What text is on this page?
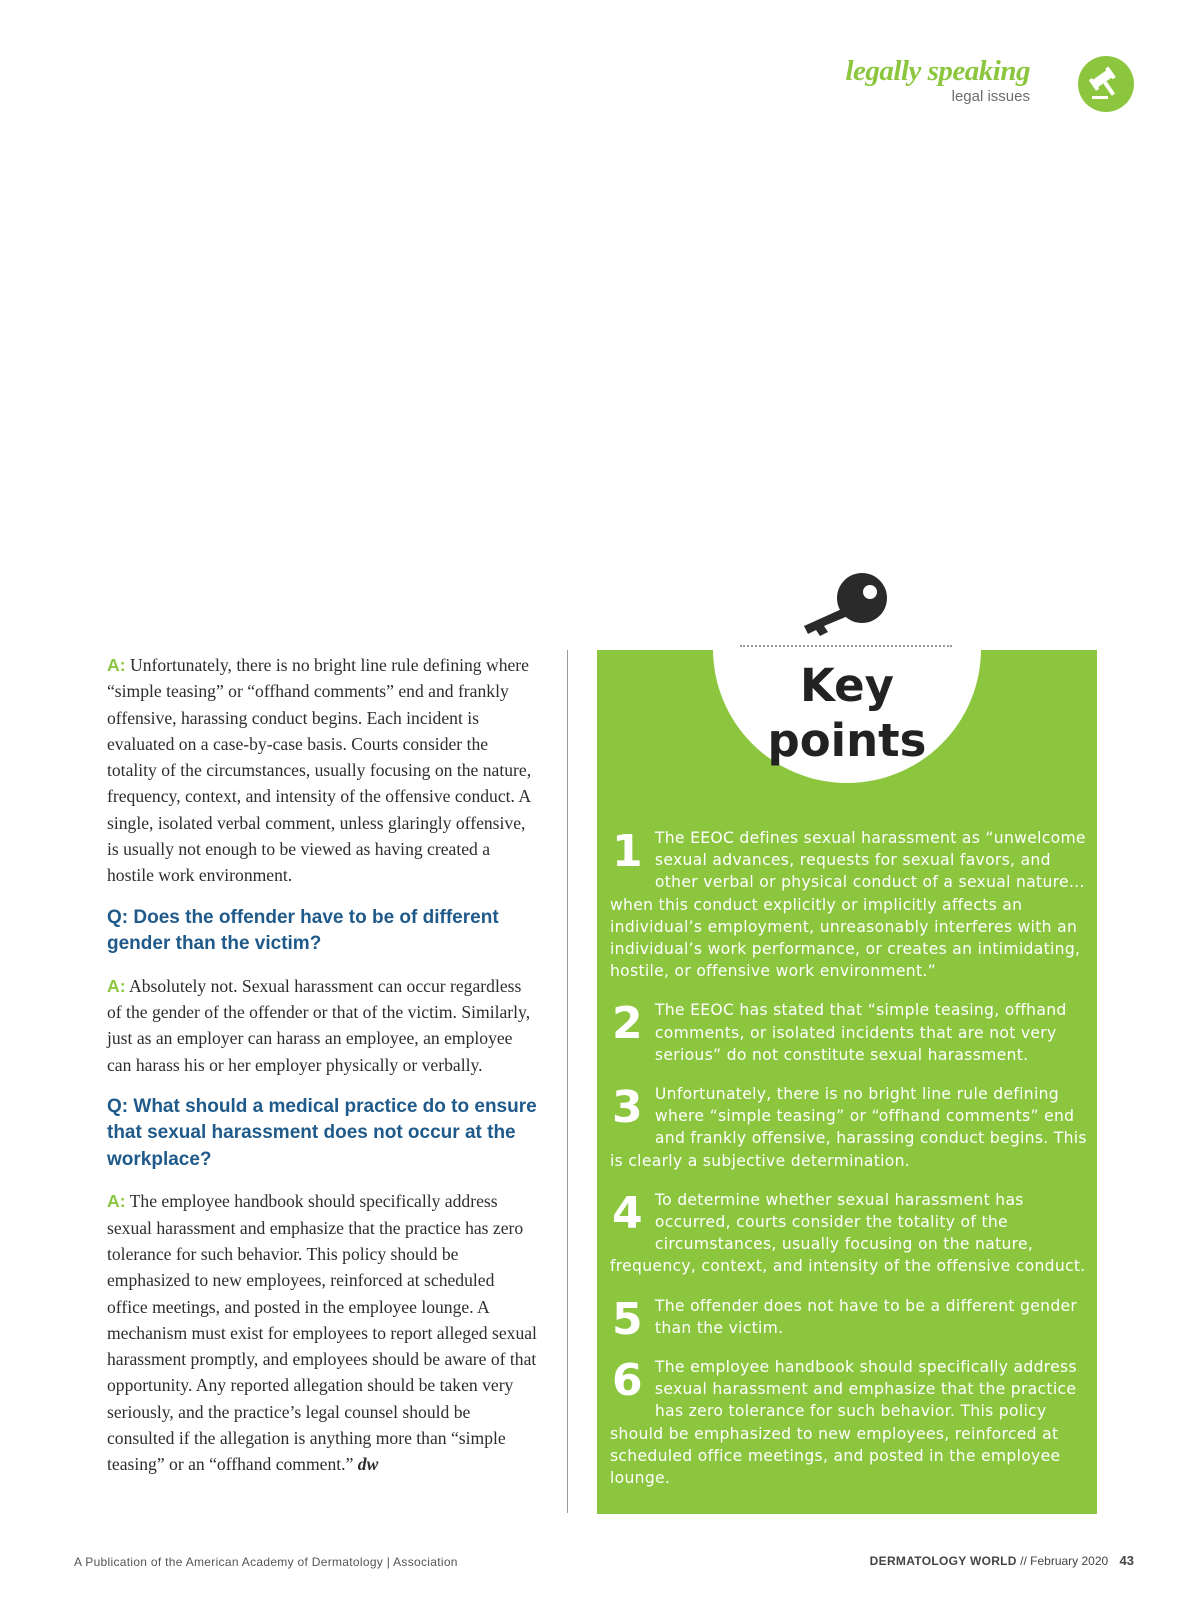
legally speaking
legal issues

A: Unfortunately, there is no bright line rule defining where “simple teasing” or “offhand comments” end and frankly offensive, harassing conduct begins. Each incident is evaluated on a case-by-case basis. Courts consider the totality of the circumstances, usually focusing on the nature, frequency, context, and intensity of the offensive conduct. A single, isolated verbal comment, unless glaringly offensive, is usually not enough to be viewed as having created a hostile work environment.

Q: Does the offender have to be of different gender than the victim?

A: Absolutely not. Sexual harassment can occur regardless of the gender of the offender or that of the victim. Similarly, just as an employer can harass an employee, an employee can harass his or her employer physically or verbally.

Q: What should a medical practice do to ensure that sexual harassment does not occur at the workplace?

A: The employee handbook should specifically address sexual harassment and emphasize that the practice has zero tolerance for such behavior. This policy should be emphasized to new employees, reinforced at scheduled office meetings, and posted in the employee lounge. A mechanism must exist for employees to report alleged sexual harassment promptly, and employees should be aware of that opportunity. Any reported allegation should be taken very seriously, and the practice’s legal counsel should be consulted if the allegation is anything more than “simple teasing” or an “offhand comment.” dw

Key
points
1 The EEOC defines sexual harassment as “unwelcome sexual advances, requests for sexual favors, and other verbal or physical conduct of a sexual nature…when this conduct explicitly or implicitly affects an individual’s employment, unreasonably interferes with an individual’s work performance, or creates an intimidating, hostile, or offensive work environment.”
2 The EEOC has stated that “simple teasing, offhand comments, or isolated incidents that are not very serious” do not constitute sexual harassment.
3 Unfortunately, there is no bright line rule defining where “simple teasing” or “offhand comments” end and frankly offensive, harassing conduct begins. This is clearly a subjective determination.
4 To determine whether sexual harassment has occurred, courts consider the totality of the circumstances, usually focusing on the nature, frequency, context, and intensity of the offensive conduct.
5 The offender does not have to be a different gender than the victim.
6 The employee handbook should specifically address sexual harassment and emphasize that the practice has zero tolerance for such behavior. This policy should be emphasized to new employees, reinforced at scheduled office meetings, and posted in the employee lounge.
A Publication of the American Academy of Dermatology | Association	DERMATOLOGY WORLD // February 2020 43
